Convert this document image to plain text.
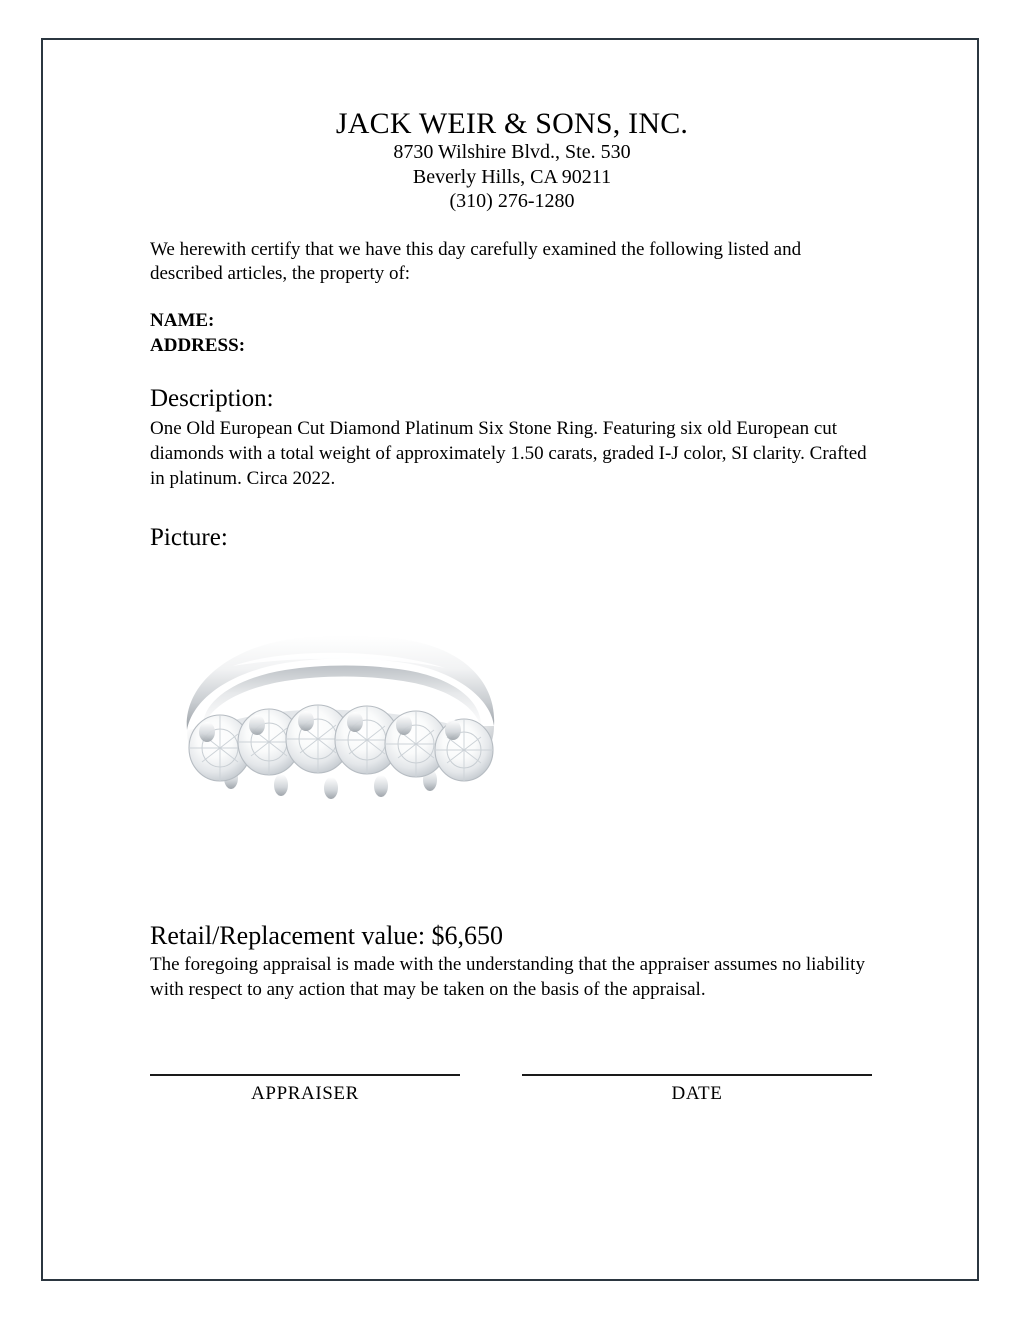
JACK WEIR & SONS, INC.
8730 Wilshire Blvd., Ste. 530
Beverly Hills, CA 90211
(310) 276-1280
We herewith certify that we have this day carefully examined the following listed and described articles, the property of:
NAME:
ADDRESS:
Description:
One Old European Cut Diamond Platinum Six Stone Ring. Featuring six old European cut diamonds with a total weight of approximately 1.50 carats, graded I-J color, SI clarity. Crafted in platinum. Circa 2022.
Picture:
Retail/Replacement value: $6,650
The foregoing appraisal is made with the understanding that the appraiser assumes no liability with respect to any action that may be taken on the basis of the appraisal.
APPRAISER	DATE
